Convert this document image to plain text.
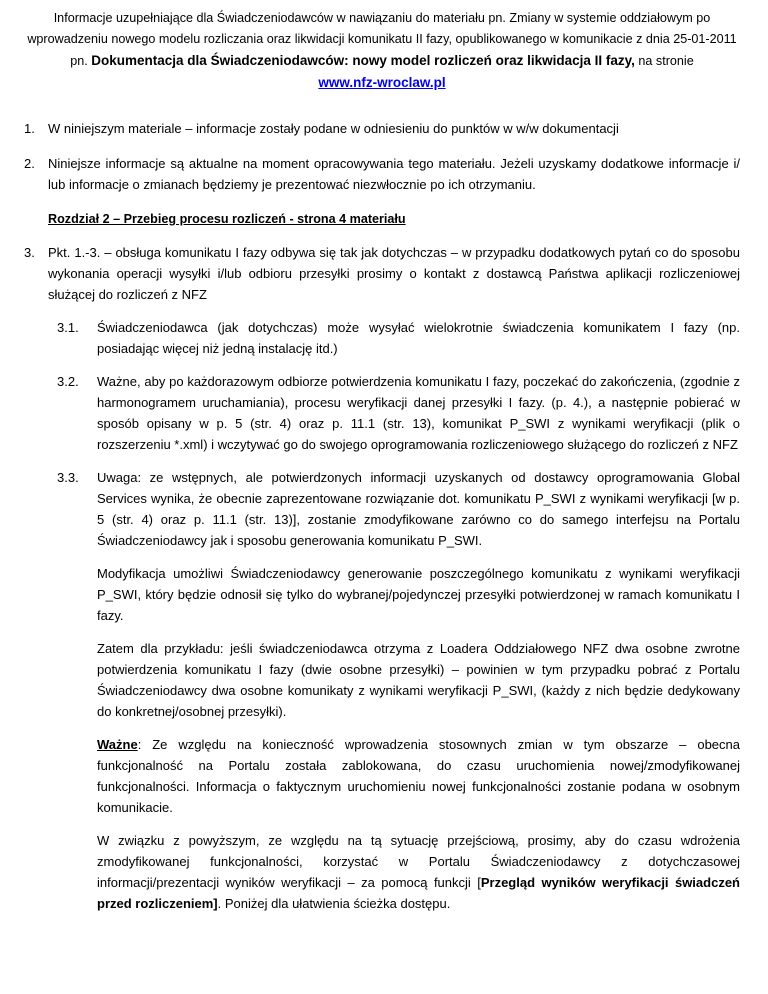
Informacje uzupełniające dla Świadczeniodawców w nawiązaniu do materiału pn. Zmiany w systemie oddziałowym po wprowadzeniu nowego modelu rozliczania oraz likwidacji komunikatu II fazy, opublikowanego w komunikacie z dnia 25-01-2011 pn. Dokumentacja dla Świadczeniodawców: nowy model rozliczeń oraz likwidacja II fazy, na stronie
www.nfz-wroclaw.pl
1.	W niniejszym materiale – informacje zostały podane w odniesieniu do punktów w w/w dokumentacji
2.	Niniejsze informacje są aktualne na moment opracowywania tego materiału. Jeżeli uzyskamy dodatkowe informacje i/ lub informacje o zmianach będziemy je prezentować niezwłocznie po ich otrzymaniu.
Rozdział 2 – Przebieg procesu rozliczeń - strona 4 materiału
3.	Pkt. 1.-3. – obsługa komunikatu I fazy odbywa się tak jak dotychczas – w przypadku dodatkowych pytań co do sposobu wykonania operacji wysyłki i/lub odbioru przesyłki prosimy o kontakt z dostawcą Państwa aplikacji rozliczeniowej służącej do rozliczeń z NFZ
3.1.	Świadczeniodawca (jak dotychczas) może wysyłać wielokrotnie świadczenia komunikatem I fazy (np. posiadając więcej niż jedną instalację itd.)
3.2.	Ważne, aby po każdorazowym odbiorze potwierdzenia komunikatu I fazy, poczekać do zakończenia, (zgodnie z harmonogramem uruchamiania), procesu weryfikacji danej przesyłki I fazy. (p. 4.), a następnie pobierać w sposób opisany w p. 5 (str. 4) oraz p. 11.1 (str. 13), komunikat P_SWI z wynikami weryfikacji (plik o rozszerzeniu *.xml) i wczytywać go do swojego oprogramowania rozliczeniowego służącego do rozliczeń z NFZ
3.3.	Uwaga: ze wstępnych, ale potwierdzonych informacji uzyskanych od dostawcy oprogramowania Global Services wynika, że obecnie zaprezentowane rozwiązanie dot. komunikatu P_SWI z wynikami weryfikacji [w p. 5 (str. 4) oraz p. 11.1 (str. 13)], zostanie zmodyfikowane zarówno co do samego interfejsu na Portalu Świadczeniodawcy jak i sposobu generowania komunikatu P_SWI.
Modyfikacja umożliwi Świadczeniodawcy generowanie poszczególnego komunikatu z wynikami weryfikacji P_SWI, który będzie odnosił się tylko do wybranej/pojedynczej przesyłki potwierdzonej w ramach komunikatu I fazy.
Zatem dla przykładu: jeśli świadczeniodawca otrzyma z Loadera Oddziałowego NFZ dwa osobne zwrotne potwierdzenia komunikatu I fazy (dwie osobne przesyłki) – powinien w tym przypadku pobrać z Portalu Świadczeniodawcy dwa osobne komunikaty z wynikami weryfikacji P_SWI, (każdy z nich będzie dedykowany do konkretnej/osobnej przesyłki).
Ważne: Ze względu na konieczność wprowadzenia stosownych zmian w tym obszarze – obecna funkcjonalność na Portalu została zablokowana, do czasu uruchomienia nowej/zmodyfikowanej funkcjonalności. Informacja o faktycznym uruchomieniu nowej funkcjonalności zostanie podana w osobnym komunikacie.
W związku z powyższym, ze względu na tą sytuację przejściową, prosimy, aby do czasu wdrożenia zmodyfikowanej funkcjonalności, korzystać w Portalu Świadczeniodawcy z dotychczasowej informacji/prezentacji wyników weryfikacji – za pomocą funkcji [Przegląd wyników weryfikacji świadczeń przed rozliczeniem]. Poniżej dla ułatwienia ścieżka dostępu.
